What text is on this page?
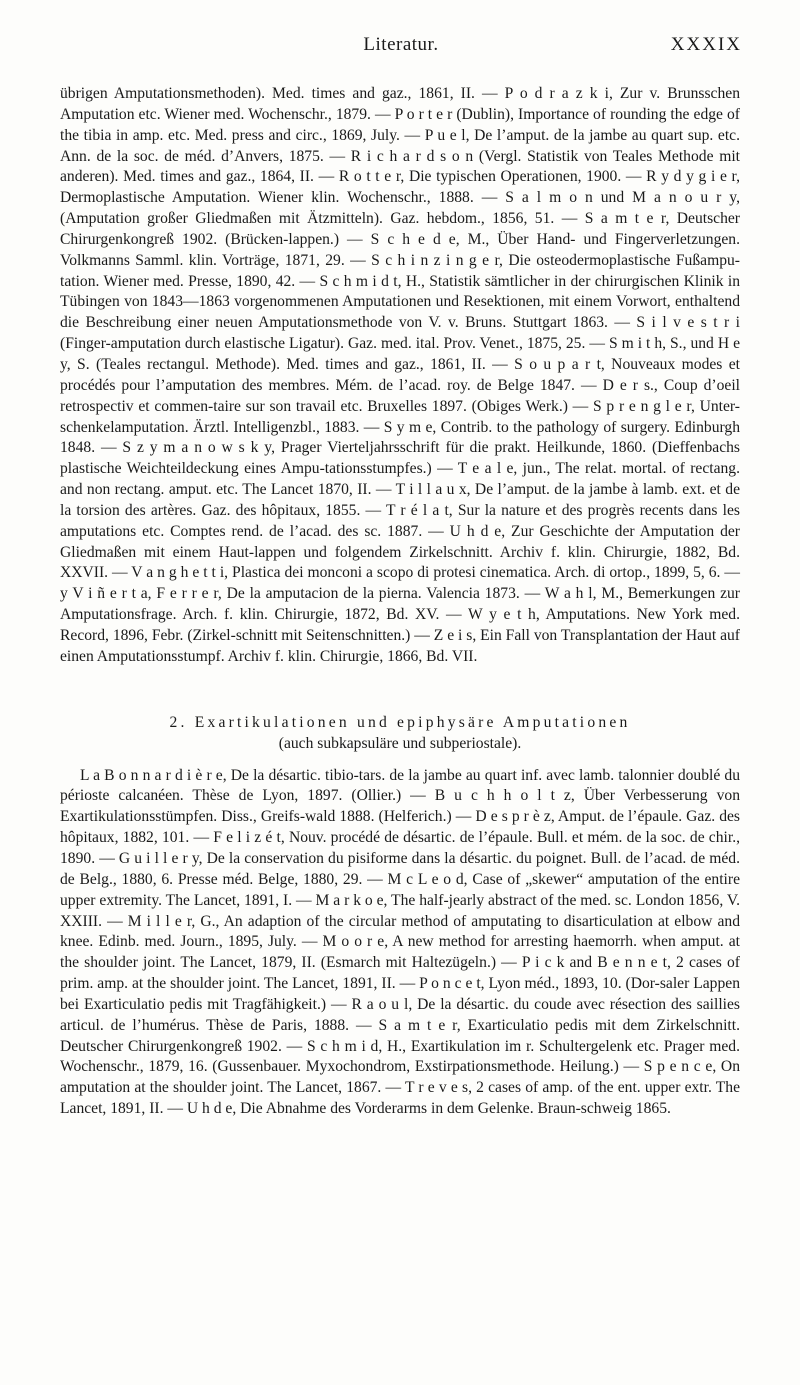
Literatur.	XXXIX

übrigen Amputationsmethoden). Med. times and gaz., 1861, II. — P o d r a z k i, Zur v. Brunsschen Amputation etc. Wiener med. Wochenschr., 1879. — P o r t e r (Dublin), Importance of rounding the edge of the tibia in amp. etc. Med. press and circ., 1869, July. — P u e l, De l’amput. de la jambe au quart sup. etc. Ann. de la soc. de méd. d’Anvers, 1875. — R i c h a r d s o n (Vergl. Statistik von Teales Methode mit anderen). Med. times and gaz., 1864, II. — R o t t e r, Die typischen Operationen, 1900. — R y d y g i e r, Dermoplastische Amputation. Wiener klin. Wochenschr., 1888. — S a l m o n und M a n o u r y, (Amputation großer Gliedmaßen mit Ätzmitteln). Gaz. hebdom., 1856, 51. — S a m t e r, Deutscher Chirurgenkongreß 1902. (Brücken-lappen.) — S c h e d e, M., Über Hand- und Fingerverletzungen. Volkmanns Samml. klin. Vorträge, 1871, 29. — S c h i n z i n g e r, Die osteodermoplastische Fußampu-tation. Wiener med. Presse, 1890, 42. — S c h m i d t, H., Statistik sämtlicher in der chirurgischen Klinik in Tübingen von 1843—1863 vorgenommenen Amputationen und Resektionen, mit einem Vorwort, enthaltend die Beschreibung einer neuen Amputationsmethode von V. v. Bruns. Stuttgart 1863. — S i l v e s t r i (Finger-amputation durch elastische Ligatur). Gaz. med. ital. Prov. Venet., 1875, 25. — S m i t h, S., und H e y, S. (Teales rectangul. Methode). Med. times and gaz., 1861, II. — S o u p a r t, Nouveaux modes et procédés pour l’amputation des membres. Mém. de l’acad. roy. de Belge 1847. — D e r s., Coup d’oeil retrospectiv et commen-taire sur son travail etc. Bruxelles 1897. (Obiges Werk.) — S p r e n g l e r, Unter-schenkelamputation. Ärztl. Intelligenzbl., 1883. — S y m e, Contrib. to the pathology of surgery. Edinburgh 1848. — S z y m a n o w s k y, Prager Vierteljahrsschrift für die prakt. Heilkunde, 1860. (Dieffenbachs plastische Weichteildeckung eines Ampu-tationsstumpfes.) — T e a l e, jun., The relat. mortal. of rectang. and non rectang. amput. etc. The Lancet 1870, II. — T i l l a u x, De l’amput. de la jambe à lamb. ext. et de la torsion des artères. Gaz. des hôpitaux, 1855. — T r é l a t, Sur la nature et des progrès recents dans les amputations etc. Comptes rend. de l’acad. des sc. 1887. — U h d e, Zur Geschichte der Amputation der Gliedmaßen mit einem Haut-lappen und folgendem Zirkelschnitt. Archiv f. klin. Chirurgie, 1882, Bd. XXVII. — V a n g h e t t i, Plastica dei monconi a scopo di protesi cinematica. Arch. di ortop., 1899, 5, 6. — y V i ñ e r t a, F e r r e r, De la amputacion de la pierna. Valencia 1873. — W a h l, M., Bemerkungen zur Amputationsfrage. Arch. f. klin. Chirurgie, 1872, Bd. XV. — W y e t h, Amputations. New York med. Record, 1896, Febr. (Zirkel-schnitt mit Seitenschnitten.) — Z e i s, Ein Fall von Transplantation der Haut auf einen Amputationsstumpf. Archiv f. klin. Chirurgie, 1866, Bd. VII.

2. Exartikulationen und epiphysäre Amputationen
(auch subkapsuläre und subperiostale).

L a B o n n a r d i è r e, De la désartic. tibio-tars. de la jambe au quart inf. avec lamb. talonnier doublé du périoste calcanéen. Thèse de Lyon, 1897. (Ollier.) — B u c h h o l t z, Über Verbesserung von Exartikulationsstümpfen. Diss., Greifs-wald 1888. (Helferich.) — D e s p r è z, Amput. de l’épaule. Gaz. des hôpitaux, 1882, 101. — F e l i z é t, Nouv. procédé de désartic. de l’épaule. Bull. et mém. de la soc. de chir., 1890. — G u i l l e r y, De la conservation du pisiforme dans la désartic. du poignet. Bull. de l’acad. de méd. de Belg., 1880, 6. Presse méd. Belge, 1880, 29. — M c L e o d, Case of „skewer“ amputation of the entire upper extremity. The Lancet, 1891, I. — M a r k o e, The half-jearly abstract of the med. sc. London 1856, V. XXIII. — M i l l e r, G., An adaption of the circular method of amputating to disarticulation at elbow and knee. Edinb. med. Journ., 1895, July. — M o o r e, A new method for arresting haemorrh. when amput. at the shoulder joint. The Lancet, 1879, II. (Esmarch mit Haltezügeln.) — P i c k and B e n n e t, 2 cases of prim. amp. at the shoulder joint. The Lancet, 1891, II. — P o n c e t, Lyon méd., 1893, 10. (Dor-saler Lappen bei Exarticulatio pedis mit Tragfähigkeit.) — R a o u l, De la désartic. du coude avec résection des saillies articul. de l’humérus. Thèse de Paris, 1888. — S a m t e r, Exarticulatio pedis mit dem Zirkelschnitt. Deutscher Chirurgenkongreß 1902. — S c h m i d, H., Exartikulation im r. Schultergelenk etc. Prager med. Wochenschr., 1879, 16. (Gussenbauer. Myxochondrom, Exstirpationsmethode. Heilung.) — S p e n c e, On amputation at the shoulder joint. The Lancet, 1867. — T r e v e s, 2 cases of amp. of the ent. upper extr. The Lancet, 1891, II. — U h d e, Die Abnahme des Vorderarms in dem Gelenke. Braun-schweig 1865.
